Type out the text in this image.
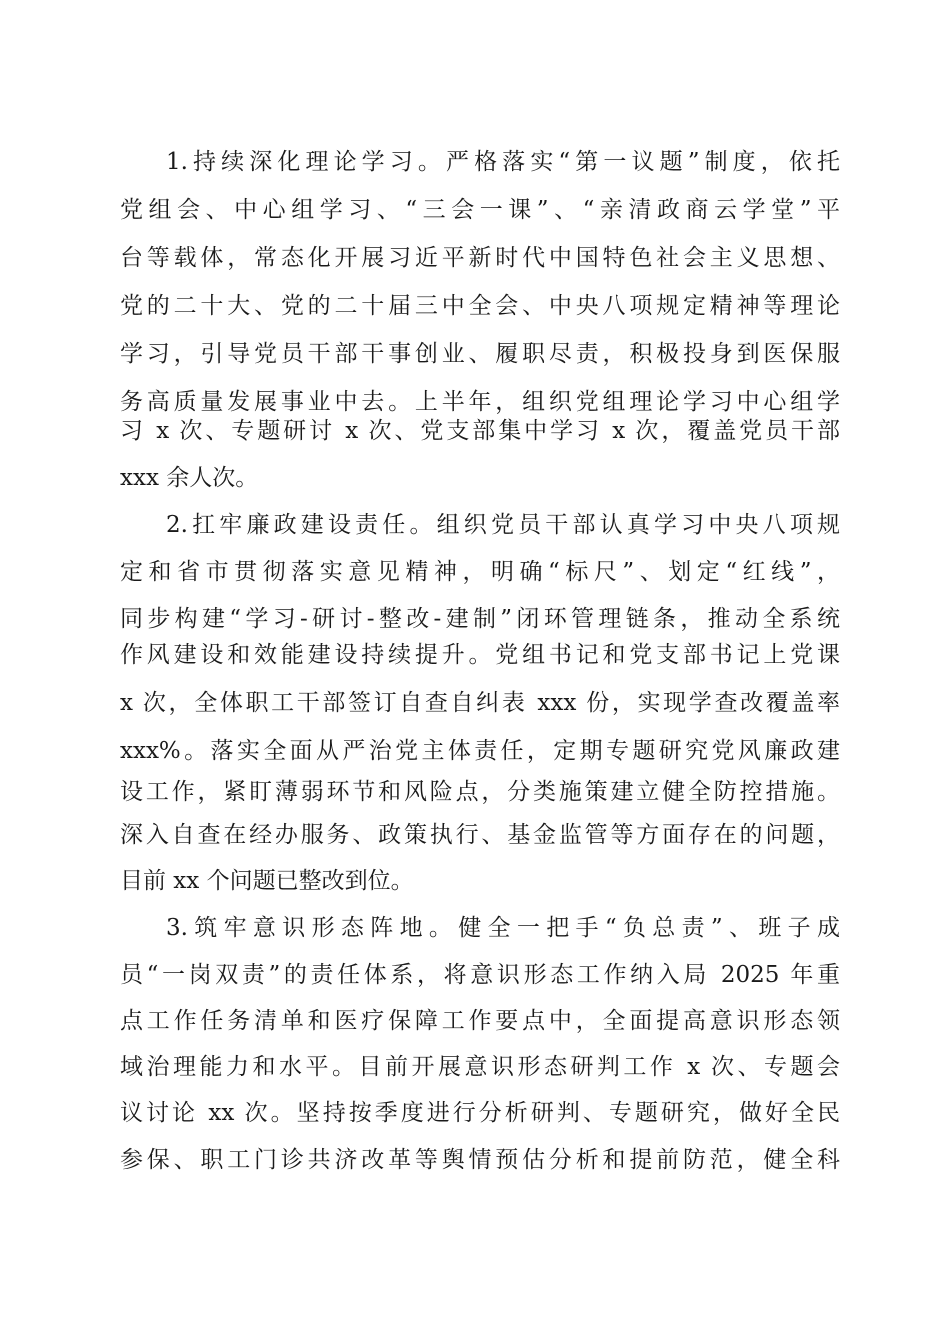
1.持续深化理论学习。严格落实“第一议题”制度，依托
党组会、中心组学习、“三会一课”、“亲清政商云学堂”平
台等载体，常态化开展习近平新时代中国特色社会主义思想、
党的二十大、党的二十届三中全会、中央八项规定精神等理论
学习，引导党员干部干事创业、履职尽责，积极投身到医保服
务高质量发展事业中去。上半年，组织党组理论学习中心组学
习 x 次、专题研讨 x 次、党支部集中学习 x 次，覆盖党员干部
xxx 余人次。
2.扛牢廉政建设责任。组织党员干部认真学习中央八项规
定和省市贯彻落实意见精神，明确“标尺”、划定“红线”，
同步构建“学习-研讨-整改-建制”闭环管理链条，推动全系统
作风建设和效能建设持续提升。党组书记和党支部书记上党课
x 次，全体职工干部签订自查自纠表 xxx 份，实现学查改覆盖率
xxx%。落实全面从严治党主体责任，定期专题研究党风廉政建
设工作，紧盯薄弱环节和风险点，分类施策建立健全防控措施。
深入自查在经办服务、政策执行、基金监管等方面存在的问题，
目前 xx 个问题已整改到位。
3.筑牢意识形态阵地。健全一把手“负总责”、班子成
员“一岗双责”的责任体系，将意识形态工作纳入局 2025 年重
点工作任务清单和医疗保障工作要点中，全面提高意识形态领
域治理能力和水平。目前开展意识形态研判工作 x 次、专题会
议讨论 xx 次。坚持按季度进行分析研判、专题研究，做好全民
参保、职工门诊共济改革等舆情预估分析和提前防范，健全科
